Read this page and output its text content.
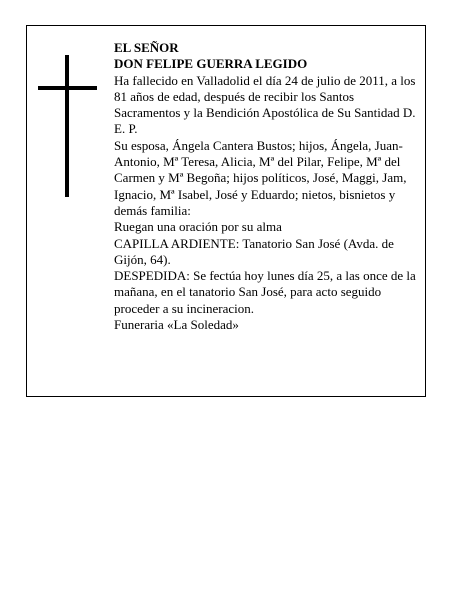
EL SEÑOR

DON FELIPE GUERRA LEGIDO

Ha fallecido en Valladolid el día 24 de julio de 2011, a los 81 años de edad, después de recibir los Santos Sacramentos y la Bendición Apostólica de Su Santidad D. E. P.

Su esposa, Ángela Cantera Bustos; hijos, Ángela, Juan-Antonio, Mª Teresa, Alicia, Mª del Pilar, Felipe, Mª del Carmen y Mª Begoña; hijos políticos, José, Maggi, Jam, Ignacio, Mª Isabel, José y Eduardo; nietos, bisnietos y demás familia:

Ruegan una oración por su alma

CAPILLA ARDIENTE: Tanatorio San José (Avda. de Gijón, 64).

DESPEDIDA: Se fectúa hoy lunes día 25, a las once de la mañana, en el tanatorio San José, para acto seguido proceder a su incineracion.

Funeraria «La Soledad»
